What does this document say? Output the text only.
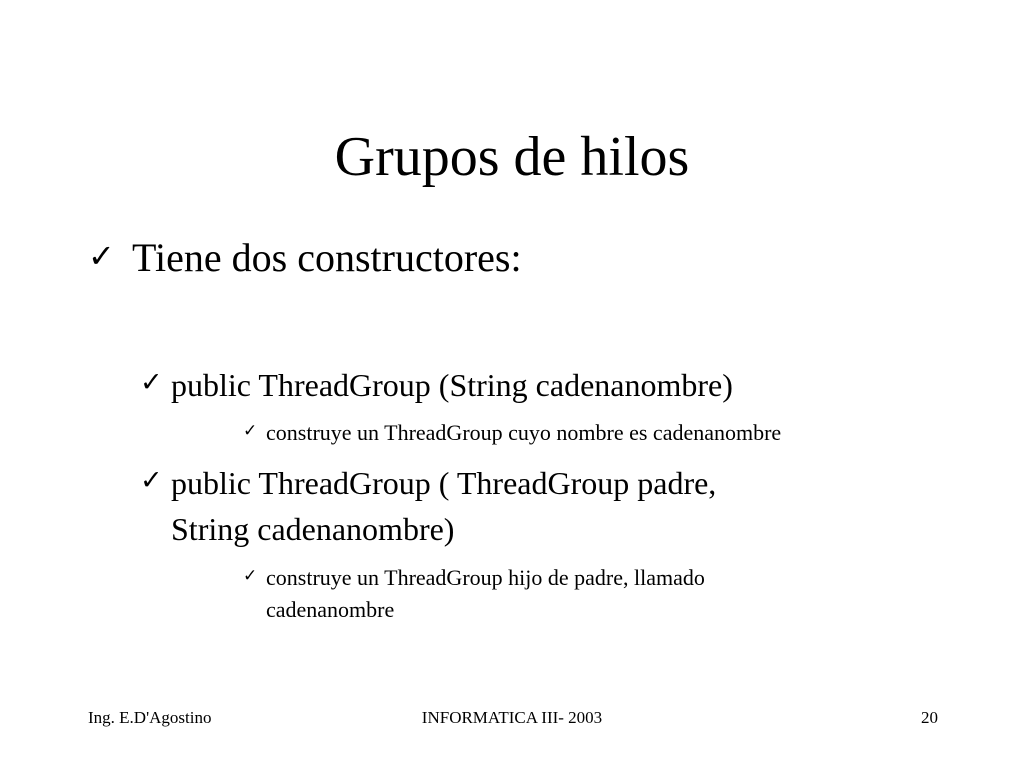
Grupos de hilos
✓ Tiene dos constructores:
✓ public ThreadGroup (String cadenanombre)
✓ construye un ThreadGroup cuyo nombre es cadenanombre
✓ public ThreadGroup ( ThreadGroup padre,
String cadenanombre)
✓ construye un ThreadGroup hijo de padre, llamado
cadenanombre
Ing. E.D'Agostino	INFORMATICA III- 2003	20
